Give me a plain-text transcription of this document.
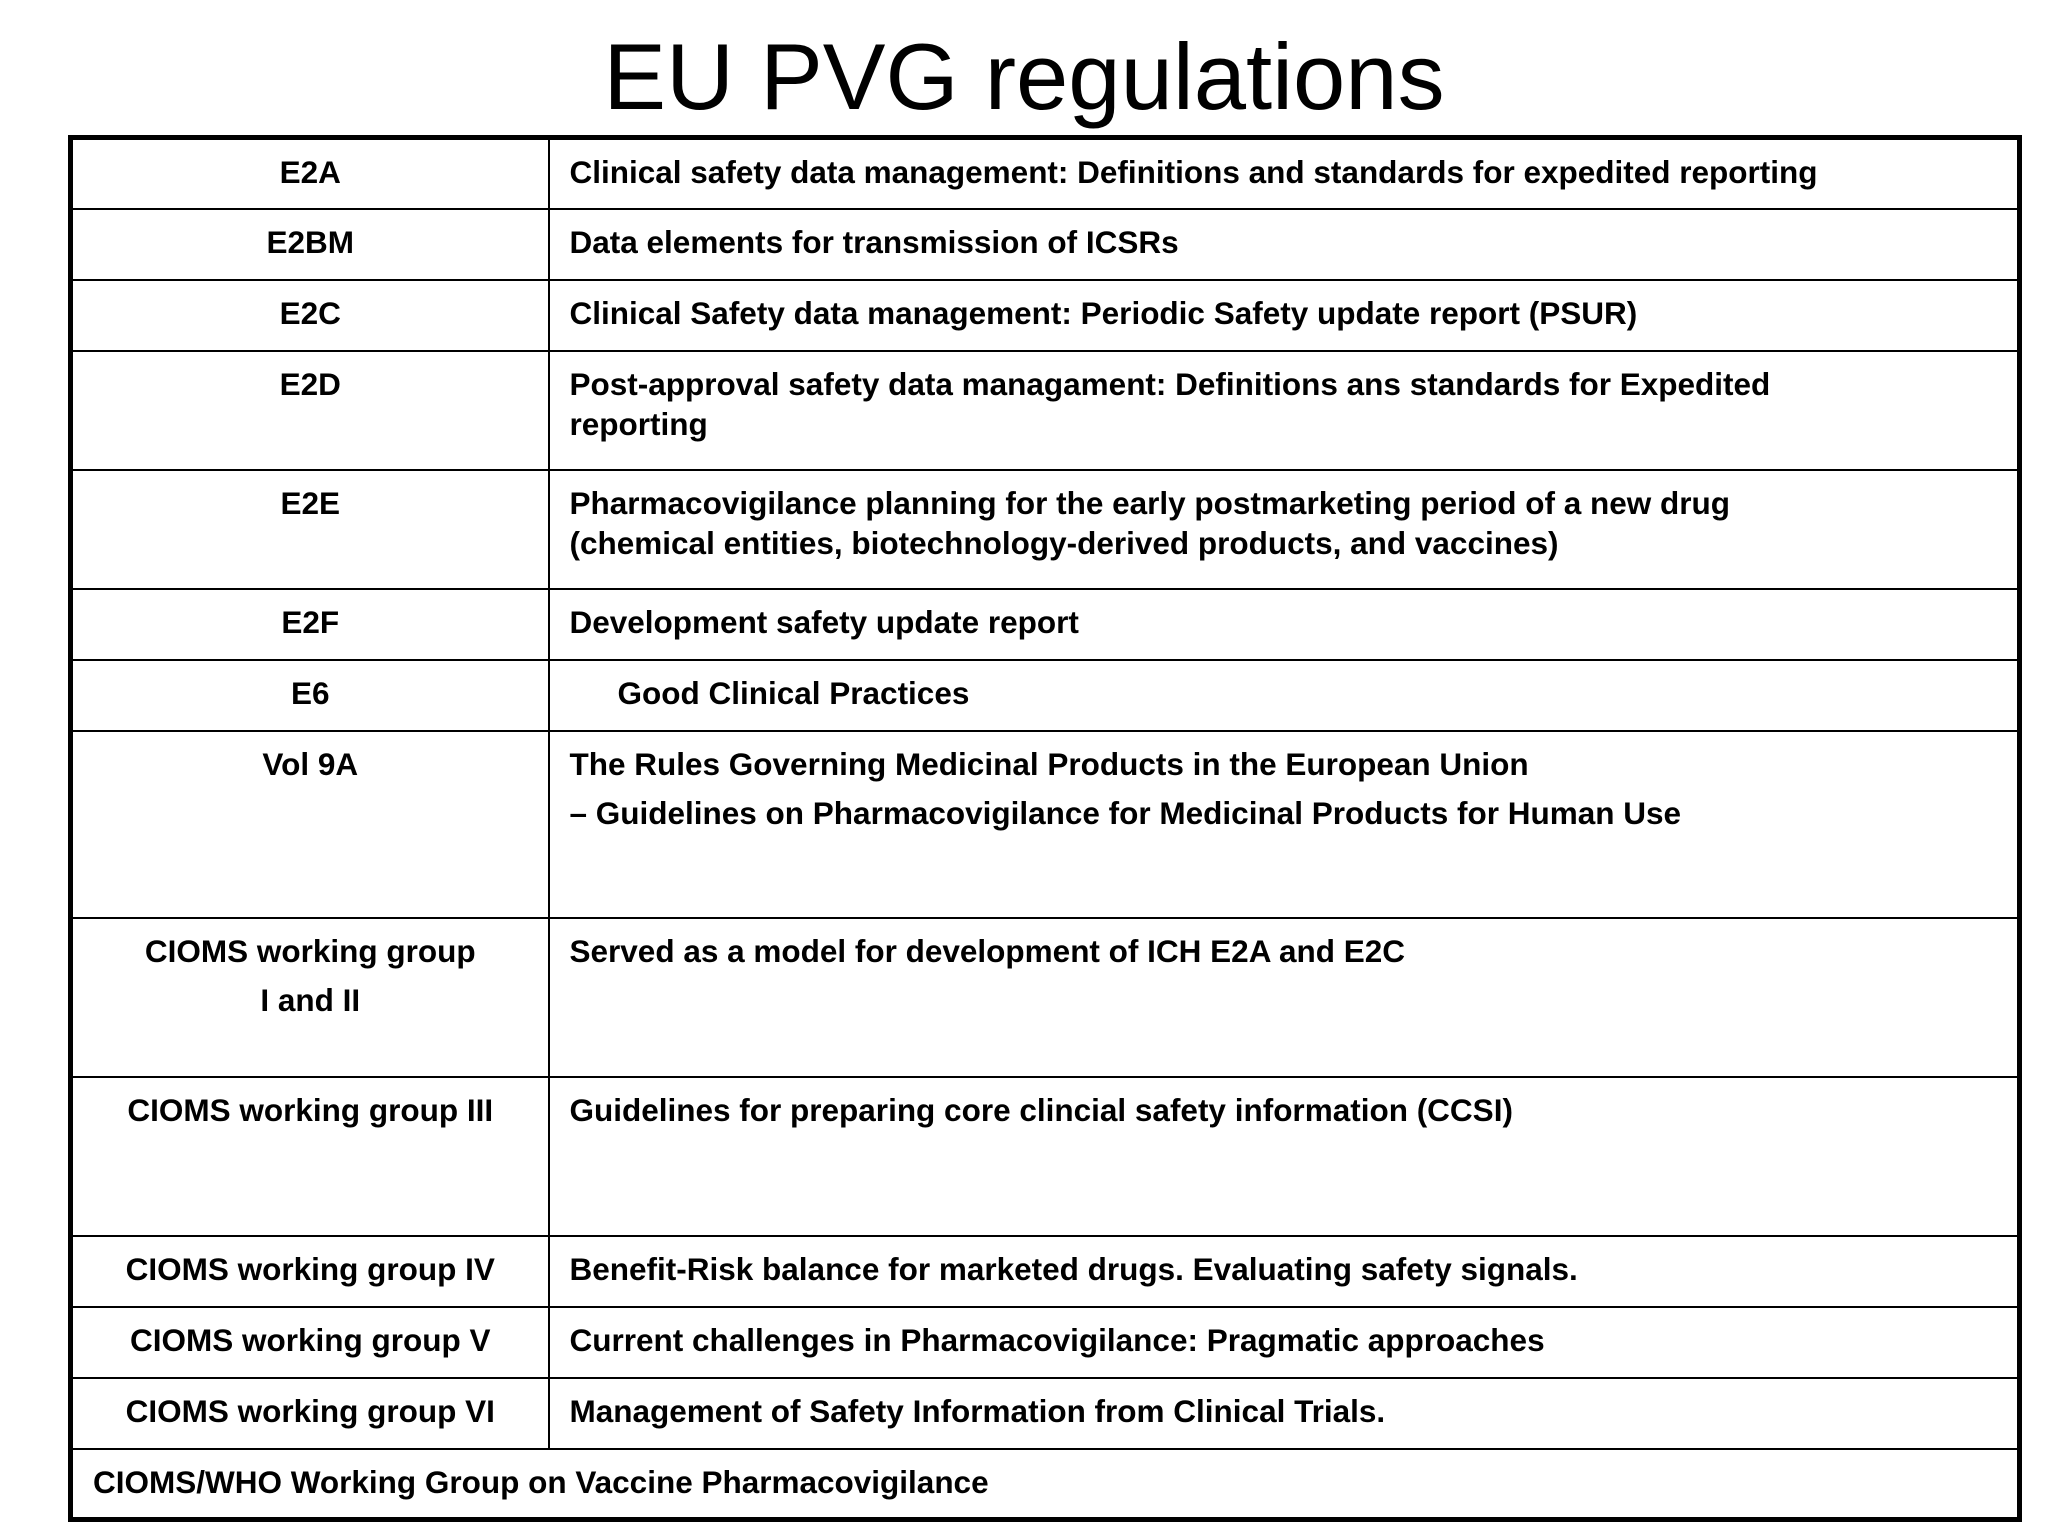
EU PVG regulations
E2A	Clinical safety data management: Definitions and standards for expedited reporting

E2BM	Data elements for transmission of ICSRs

E2C	Clinical Safety data management: Periodic Safety update report (PSUR)

E2D	Post-approval safety data managament: Definitions ans standards for Expedited
reporting

E2E	Pharmacovigilance planning for the early postmarketing period of a new drug
(chemical entities, biotechnology-derived products, and vaccines)

E2F	Development safety update report

E6	Good Clinical Practices

Vol 9A	The Rules Governing Medicinal Products in the European Union
– Guidelines on Pharmacovigilance for Medicinal Products for Human Use

CIOMS working group
I and II	Served as a model for development of ICH E2A and E2C

CIOMS working group III	Guidelines for preparing core clincial safety information (CCSI)

CIOMS working group IV	Benefit-Risk balance for marketed drugs. Evaluating safety signals.

CIOMS working group V	Current challenges in Pharmacovigilance: Pragmatic approaches

CIOMS working group VI	Management of Safety Information from Clinical Trials.

CIOMS/WHO Working Group on Vaccine Pharmacovigilance	
